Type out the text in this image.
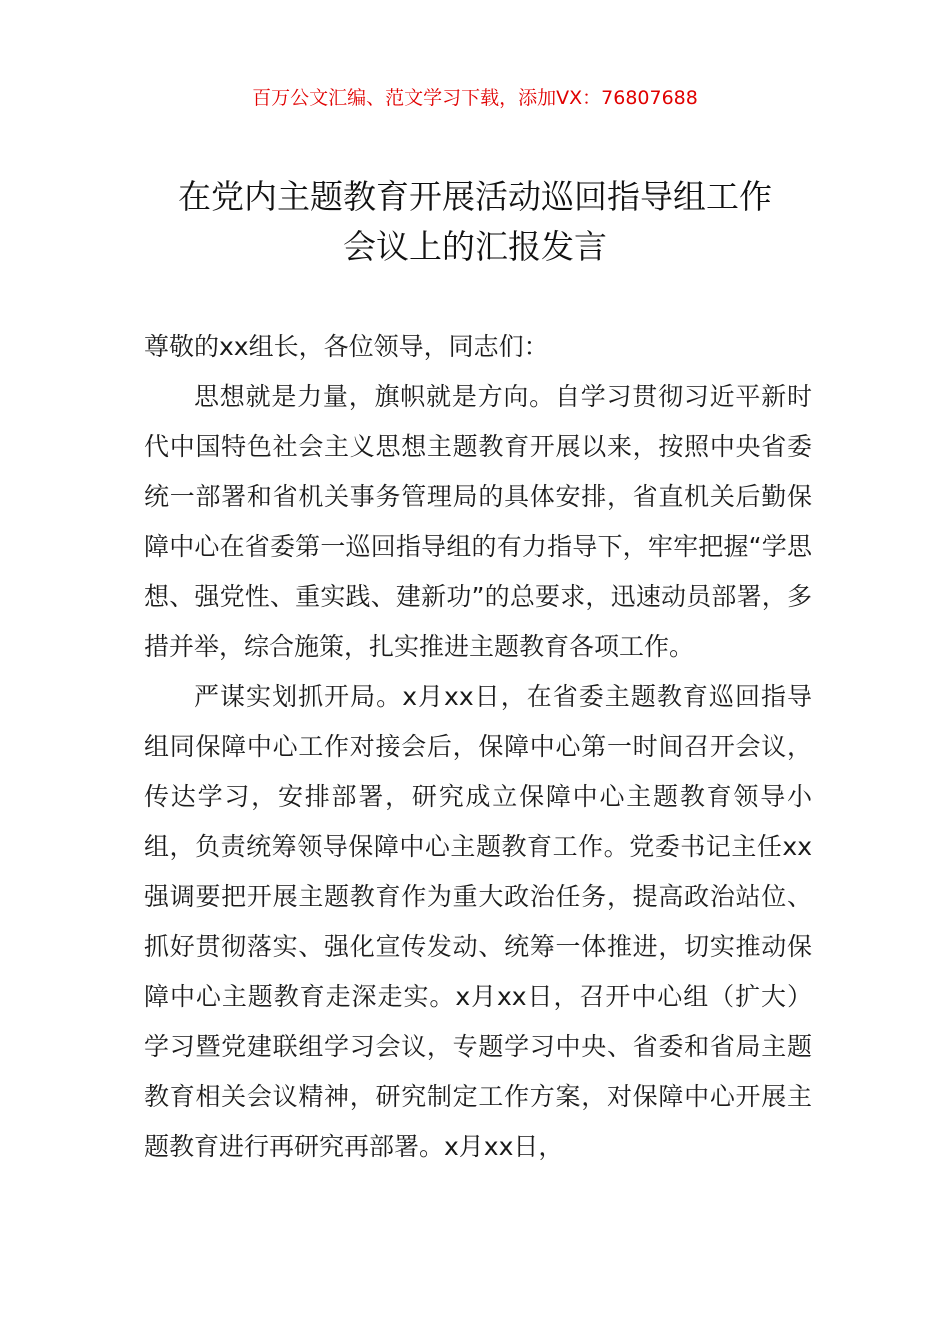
百万公文汇编、范文学习下载，添加VX：76807688
在党内主题教育开展活动巡回指导组工作
会议上的汇报发言

尊敬的xx组长，各位领导，同志们：

思想就是力量，旗帜就是方向。自学习贯彻习近平新时代中国特色社会主义思想主题教育开展以来，按照中央省委统一部署和省机关事务管理局的具体安排，省直机关后勤保障中心在省委第一巡回指导组的有力指导下，牢牢把握“学思想、强党性、重实践、建新功”的总要求，迅速动员部署，多措并举，综合施策，扎实推进主题教育各项工作。

严谋实划抓开局。x月xx日，在省委主题教育巡回指导组同保障中心工作对接会后，保障中心第一时间召开会议，传达学习，安排部署，研究成立保障中心主题教育领导小组，负责统筹领导保障中心主题教育工作。党委书记主任xx强调要把开展主题教育作为重大政治任务，提高政治站位、抓好贯彻落实、强化宣传发动、统筹一体推进，切实推动保障中心主题教育走深走实。x月xx日，召开中心组（扩大）学习暨党建联组学习会议，专题学习中央、省委和省局主题教育相关会议精神，研究制定工作方案，对保障中心开展主题教育进行再研究再部署。x月xx日，
